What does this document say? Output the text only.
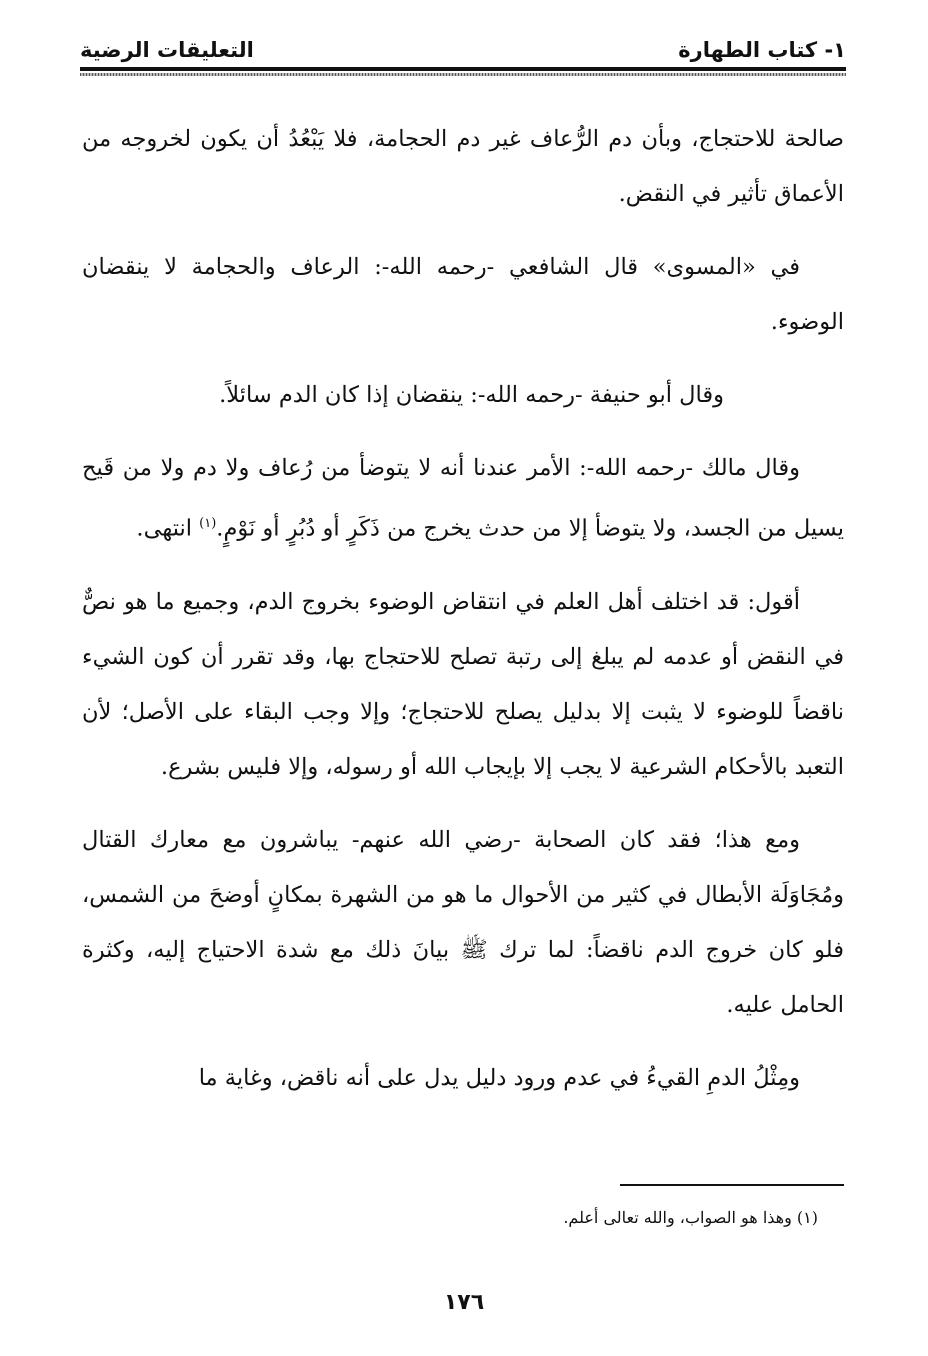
١- كتاب الطهارة
التعليقات الرضية

صالحة للاحتجاج، وبأن دم الرُّعاف غير دم الحجامة، فلا يَبْعُدُ أن يكون لخروجه من الأعماق تأثير في النقض.

في «المسوى» قال الشافعي -رحمه الله-: الرعاف والحجامة لا ينقضان الوضوء.

وقال أبو حنيفة -رحمه الله-: ينقضان إذا كان الدم سائلاً.

وقال مالك -رحمه الله-: الأمر عندنا أنه لا يتوضأ من رُعاف ولا دم ولا من قَيح يسيل من الجسد، ولا يتوضأ إلا من حدث يخرج من ذَكَرٍ أو دُبُرٍ أو نَوْمٍ.$^{(١)}$ انتهى.

أقول: قد اختلف أهل العلم في انتقاض الوضوء بخروج الدم، وجميع ما هو نصٌّ في النقض أو عدمه لم يبلغ إلى رتبة تصلح للاحتجاج بها، وقد تقرر أن كون الشيء ناقضاً للوضوء لا يثبت إلا بدليل يصلح للاحتجاج؛ وإلا وجب البقاء على الأصل؛ لأن التعبد بالأحكام الشرعية لا يجب إلا بإيجاب الله أو رسوله، وإلا فليس بشرع.

ومع هذا؛ فقد كان الصحابة -رضي الله عنهم- يباشرون مع معارك القتال ومُجَاوَلَة الأبطال في كثير من الأحوال ما هو من الشهرة بمكانٍ أوضحَ من الشمس، فلو كان خروج الدم ناقضاً: لما ترك ﷺ بيانَ ذلك مع شدة الاحتياج إليه، وكثرة الحامل عليه.

ومِثْلُ الدمِ القيءُ في عدم ورود دليل يدل على أنه ناقض، وغاية ما

(١) وهذا هو الصواب، والله تعالى أعلم.
١٧٦
